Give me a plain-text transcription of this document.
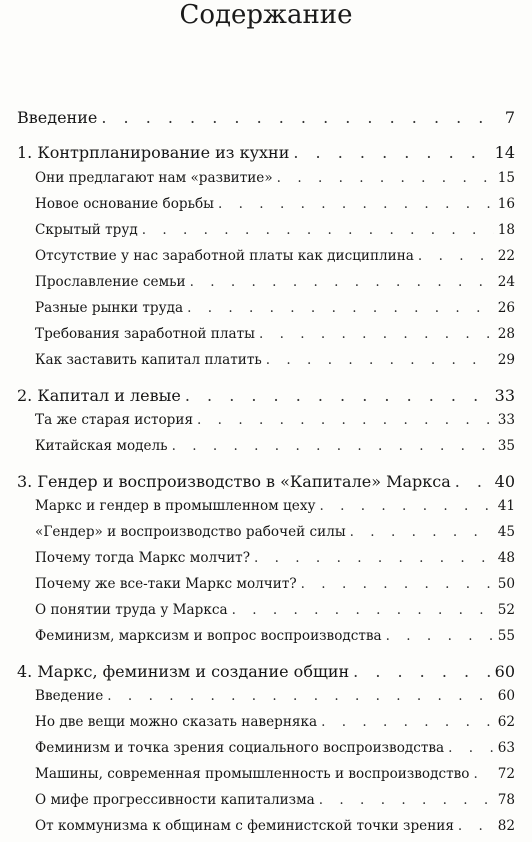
Содержание
Введение . . .	7
1. Контрпланирование из кухни . . .	14
Они предлагают нам «развитие» . . .	15
Новое основание борьбы . . .	16
Скрытый труд . . .	18
Отсутствие у нас заработной платы как дисциплина . . .	22
Прославление семьи . . .	24
Разные рынки труда . . .	26
Требования заработной платы . . .	28
Как заставить капитал платить . . .	29
2. Капитал и левые . . .	33
Та же старая история . . .	33
Китайская модель . . .	35
3. Гендер и воспроизводство в «Капитале» Маркса . . .	40
Маркс и гендер в промышленном цеху . . .	41
«Гендер» и воспроизводство рабочей силы . . .	45
Почему тогда Маркс молчит? . . .	48
Почему же все-таки Маркс молчит? . . .	50
О понятии труда у Маркса . . .	52
Феминизм, марксизм и вопрос воспроизводства . . .	55
4. Маркс, феминизм и создание общин . . .	60
Введение . . .	60
Но две вещи можно сказать наверняка . . .	62
Феминизм и точка зрения социального воспроизводства . . .	63
Машины, современная промышленность и воспроизводство . . . 72
О мифе прогрессивности капитализма . . .	78
От коммунизма к общинам с феминистской точки зрения . . .	82
